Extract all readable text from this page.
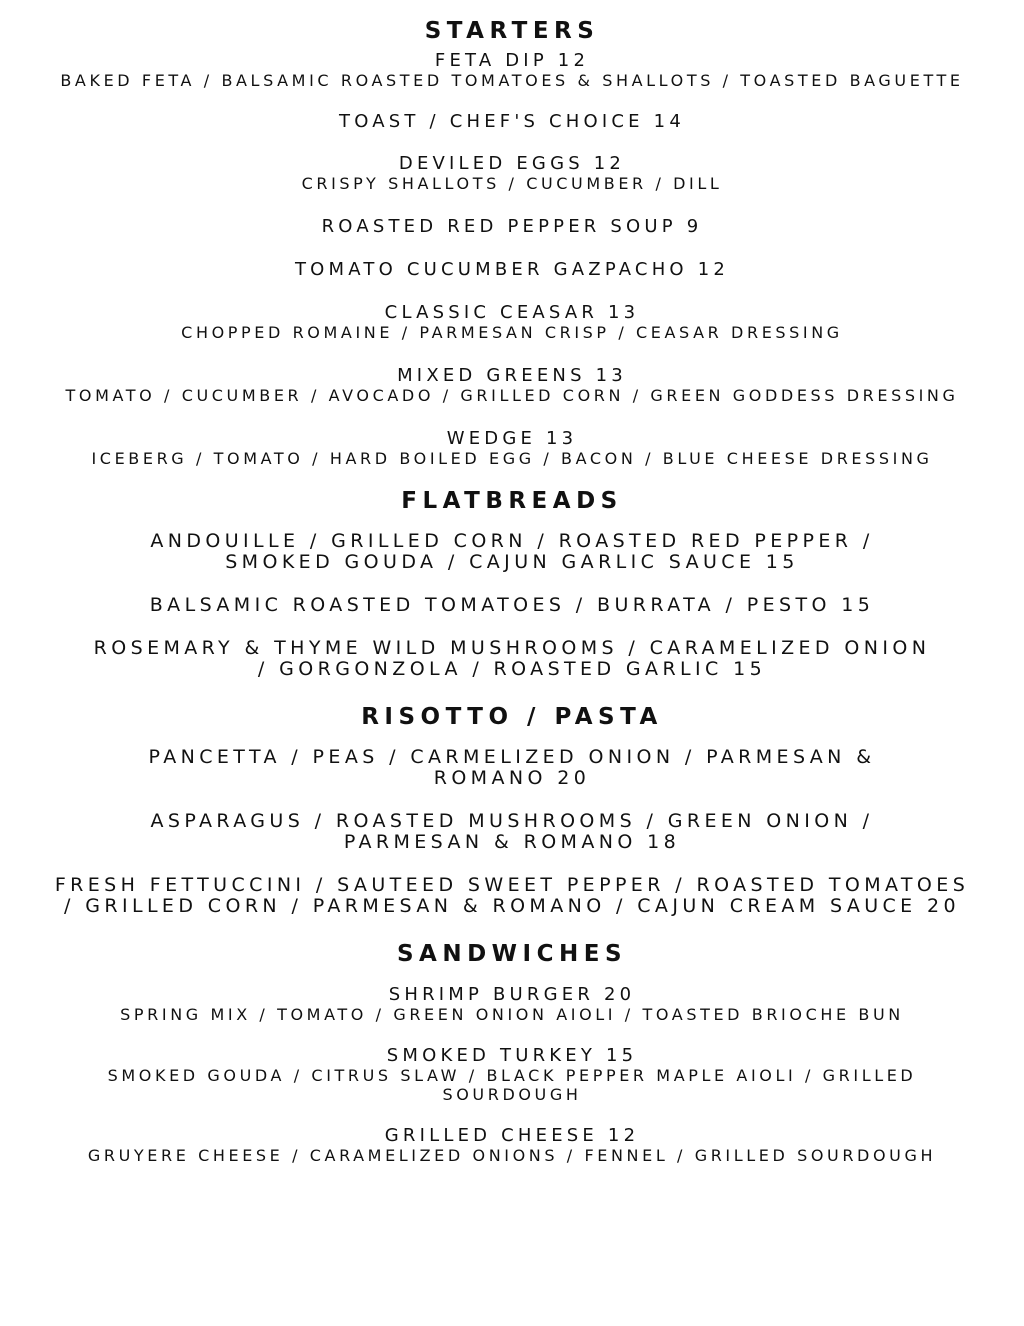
STARTERS
FETA DIP 12
BAKED FETA / BALSAMIC ROASTED TOMATOES & SHALLOTS / TOASTED BAGUETTE
TOAST / CHEF'S CHOICE 14
DEVILED EGGS 12
CRISPY SHALLOTS / CUCUMBER / DILL
ROASTED RED PEPPER SOUP 9
TOMATO CUCUMBER GAZPACHO 12
CLASSIC CEASAR 13
CHOPPED ROMAINE / PARMESAN CRISP / CEASAR DRESSING
MIXED GREENS 13
TOMATO / CUCUMBER / AVOCADO / GRILLED CORN / GREEN GODDESS DRESSING
WEDGE 13
ICEBERG / TOMATO / HARD BOILED EGG / BACON / BLUE CHEESE DRESSING
FLATBREADS
ANDOUILLE / GRILLED CORN / ROASTED RED PEPPER / SMOKED GOUDA / CAJUN GARLIC SAUCE 15
BALSAMIC ROASTED TOMATOES / BURRATA / PESTO 15
ROSEMARY & THYME WILD MUSHROOMS / CARAMELIZED ONION / GORGONZOLA / ROASTED GARLIC 15
RISOTTO / PASTA
PANCETTA / PEAS / CARMELIZED ONION / PARMESAN & ROMANO 20
ASPARAGUS / ROASTED MUSHROOMS / GREEN ONION / PARMESAN & ROMANO 18
FRESH FETTUCCINI / SAUTEED SWEET PEPPER / ROASTED TOMATOES / GRILLED CORN / PARMESAN & ROMANO / CAJUN CREAM SAUCE 20
SANDWICHES
SHRIMP BURGER 20
SPRING MIX / TOMATO / GREEN ONION AIOLI / TOASTED BRIOCHE BUN
SMOKED TURKEY 15
SMOKED GOUDA / CITRUS SLAW / BLACK PEPPER MAPLE AIOLI / GRILLED SOURDOUGH
GRILLED CHEESE 12
GRUYERE CHEESE / CARAMELIZED ONIONS / FENNEL / GRILLED SOURDOUGH
